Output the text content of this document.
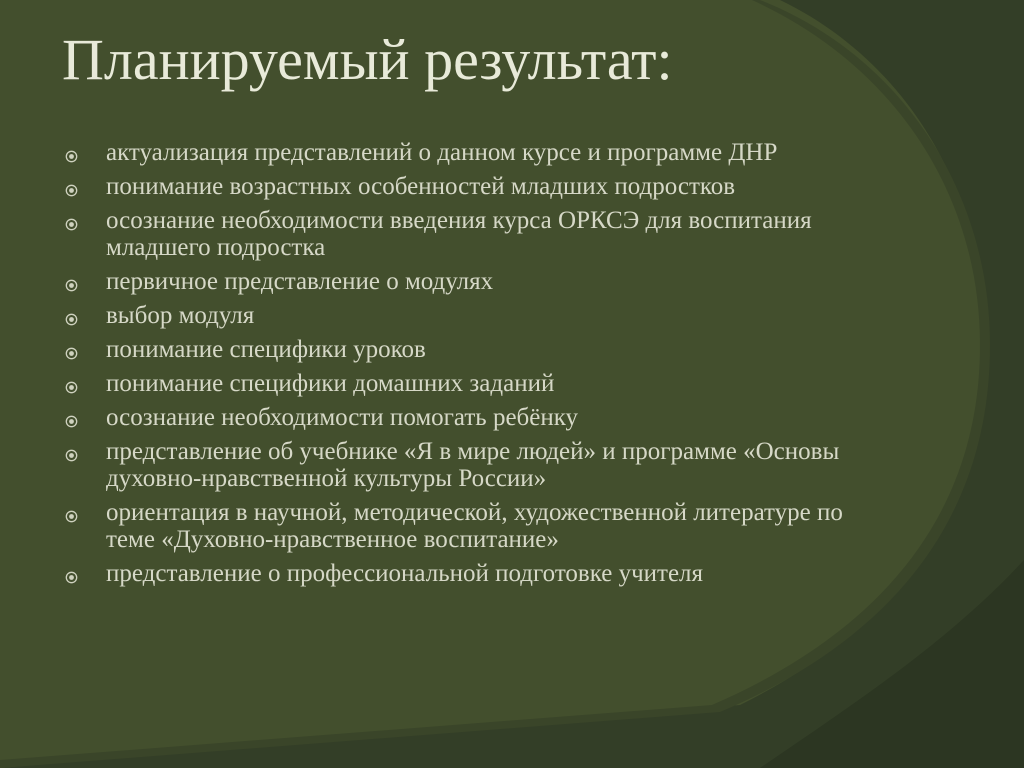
Планируемый результат:
актуализация представлений о данном курсе и программе ДНР
понимание возрастных особенностей младших подростков
осознание необходимости введения курса ОРКСЭ для воспитания младшего подростка
первичное представление о модулях
выбор модуля
понимание специфики уроков
понимание специфики домашних заданий
осознание необходимости помогать ребёнку
представление об учебнике «Я в мире людей» и программе «Основы духовно-нравственной культуры России»
ориентация в научной, методической, художественной литературе по теме «Духовно-нравственное воспитание»
представление о профессиональной подготовке учителя
